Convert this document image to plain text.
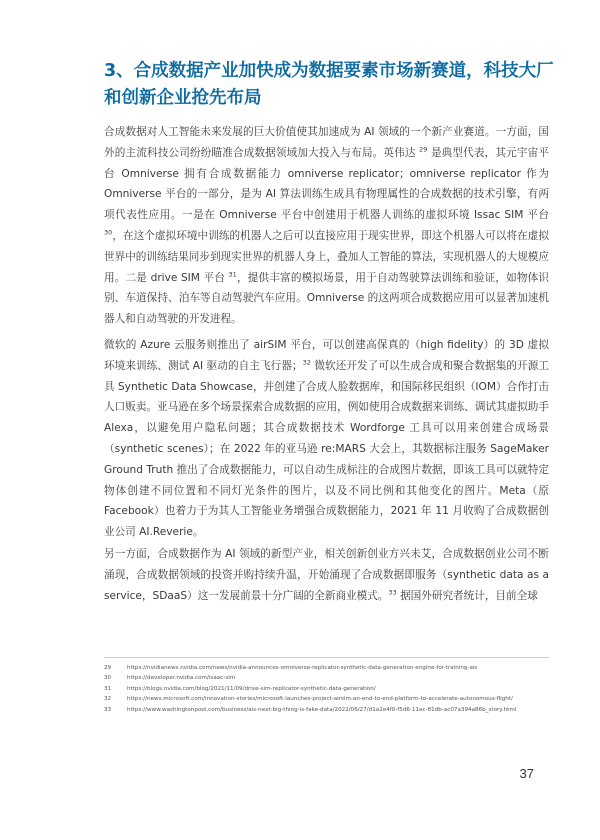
3、合成数据产业加快成为数据要素市场新赛道，科技大厂和创新企业抢先布局

合成数据对人工智能未来发展的巨大价值使其加速成为 AI 领域的一个新产业赛道。一方面，国外的主流科技公司纷纷瞄准合成数据领域加大投入与布局。英伟达 $^{29}$ 是典型代表，其元宇宙平台 Omniverse 拥有合成数据能力 omniverse replicator；omniverse replicator 作为 Omniverse 平台的一部分，是为 AI 算法训练生成具有物理属性的合成数据的技术引擎，有两项代表性应用。一是在 Omniverse 平台中创建用于机器人训练的虚拟环境 Issac SIM 平台 $^{30}$，在这个虚拟环境中训练的机器人之后可以直接应用于现实世界，即这个机器人可以将在虚拟世界中的训练结果同步到现实世界的机器人身上，叠加人工智能的算法，实现机器人的大规模应用。二是 drive SIM 平台 $^{31}$，提供丰富的模拟场景，用于自动驾驶算法训练和验证，如物体识别、车道保持、泊车等自动驾驶汽车应用。Omniverse 的这两项合成数据应用可以显著加速机器人和自动驾驶的开发进程。

微软的 Azure 云服务则推出了 airSIM 平台，可以创建高保真的（high fidelity）的 3D 虚拟环境来训练、测试 AI 驱动的自主飞行器；$^{32}$ 微软还开发了可以生成合成和聚合数据集的开源工具 Synthetic Data Showcase，并创建了合成人脸数据库，和国际移民组织（IOM）合作打击人口贩卖。亚马逊在多个场景探索合成数据的应用，例如使用合成数据来训练、调试其虚拟助手 Alexa，以避免用户隐私问题；其合成数据技术 Wordforge 工具可以用来创建合成场景（synthetic scenes）；在 2022 年的亚马逊 re:MARS 大会上，其数据标注服务 SageMaker Ground Truth 推出了合成数据能力，可以自动生成标注的合成图片数据，即该工具可以就特定物体创建不同位置和不同灯光条件的图片，以及不同比例和其他变化的图片。Meta（原 Facebook）也着力于为其人工智能业务增强合成数据能力，2021 年 11 月收购了合成数据创业公司 AI.Reverie。

另一方面，合成数据作为 AI 领域的新型产业，相关创新创业方兴未艾，合成数据创业公司不断涌现，合成数据领域的投资并购持续升温，开始涌现了合成数据即服务（synthetic data as a service，SDaaS）这一发展前景十分广阔的全新商业模式。$^{33}$ 据国外研究者统计，目前全球

29	https://nvidianews.nvidia.com/news/nvidia-announces-omniverse-replicator-synthetic-data-generation-engine-for-training-ais
30	https://developer.nvidia.com/isaac-sim
31	https://blogs.nvidia.com/blog/2021/11/09/drive-sim-replicator-synthetic-data-generation/
32	https://news.microsoft.com/innovation-stories/microsoft-launches-project-airsim-an-end-to-end-platform-to-accelerate-autonomous-flight/
33	https://www.washingtonpost.com/business/ais-next-big-thing-is-fake-data/2022/06/27/d1a2e4f0-f5d6-11ec-81db-ac07a394a86b_story.html
37
